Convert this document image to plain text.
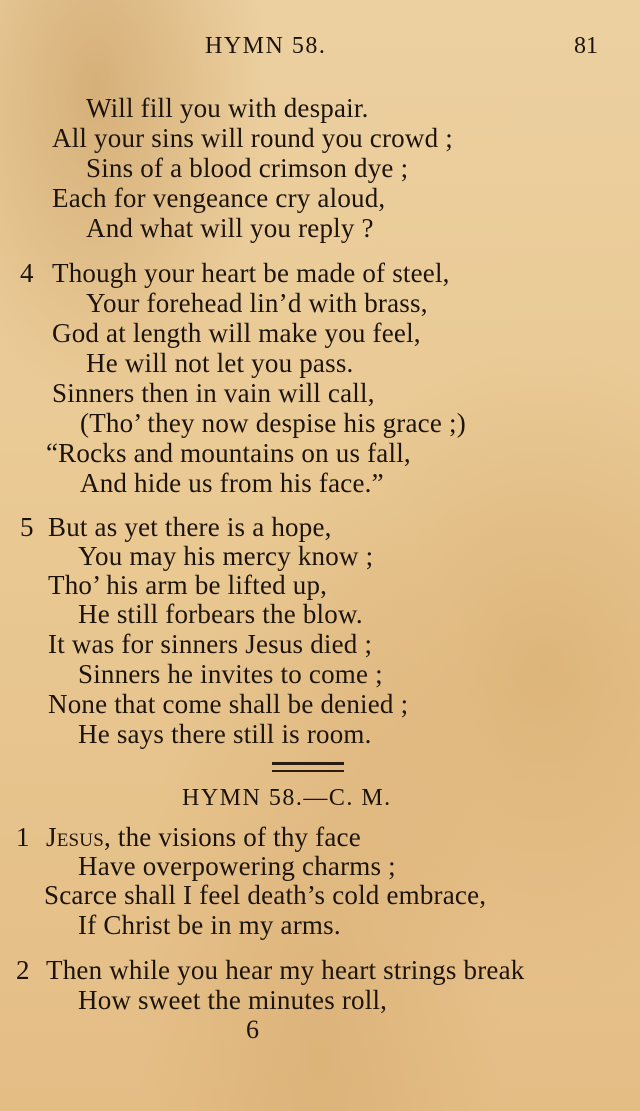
HYMN 58.	81
Will fill you with despair.
All your sins will round you crowd ;
Sins of a blood crimson dye ;
Each for vengeance cry aloud,
And what will you reply ?
4 Though your heart be made of steel,
Your forehead lin’d with brass,
God at length will make you feel,
He will not let you pass.
Sinners then in vain will call,
(Tho’ they now despise his grace ;)
“Rocks and mountains on us fall,
And hide us from his face.”
5 But as yet there is a hope,
You may his mercy know ;
Tho’ his arm be lifted up,
He still forbears the blow.
It was for sinners Jesus died ;
Sinners he invites to come ;
None that come shall be denied ;
He says there still is room.
HYMN 58.—C. M.
1 Jesus, the visions of thy face
Have overpowering charms ;
Scarce shall I feel death’s cold embrace,
If Christ be in my arms.
2 Then while you hear my heart strings break
How sweet the minutes roll,
6
